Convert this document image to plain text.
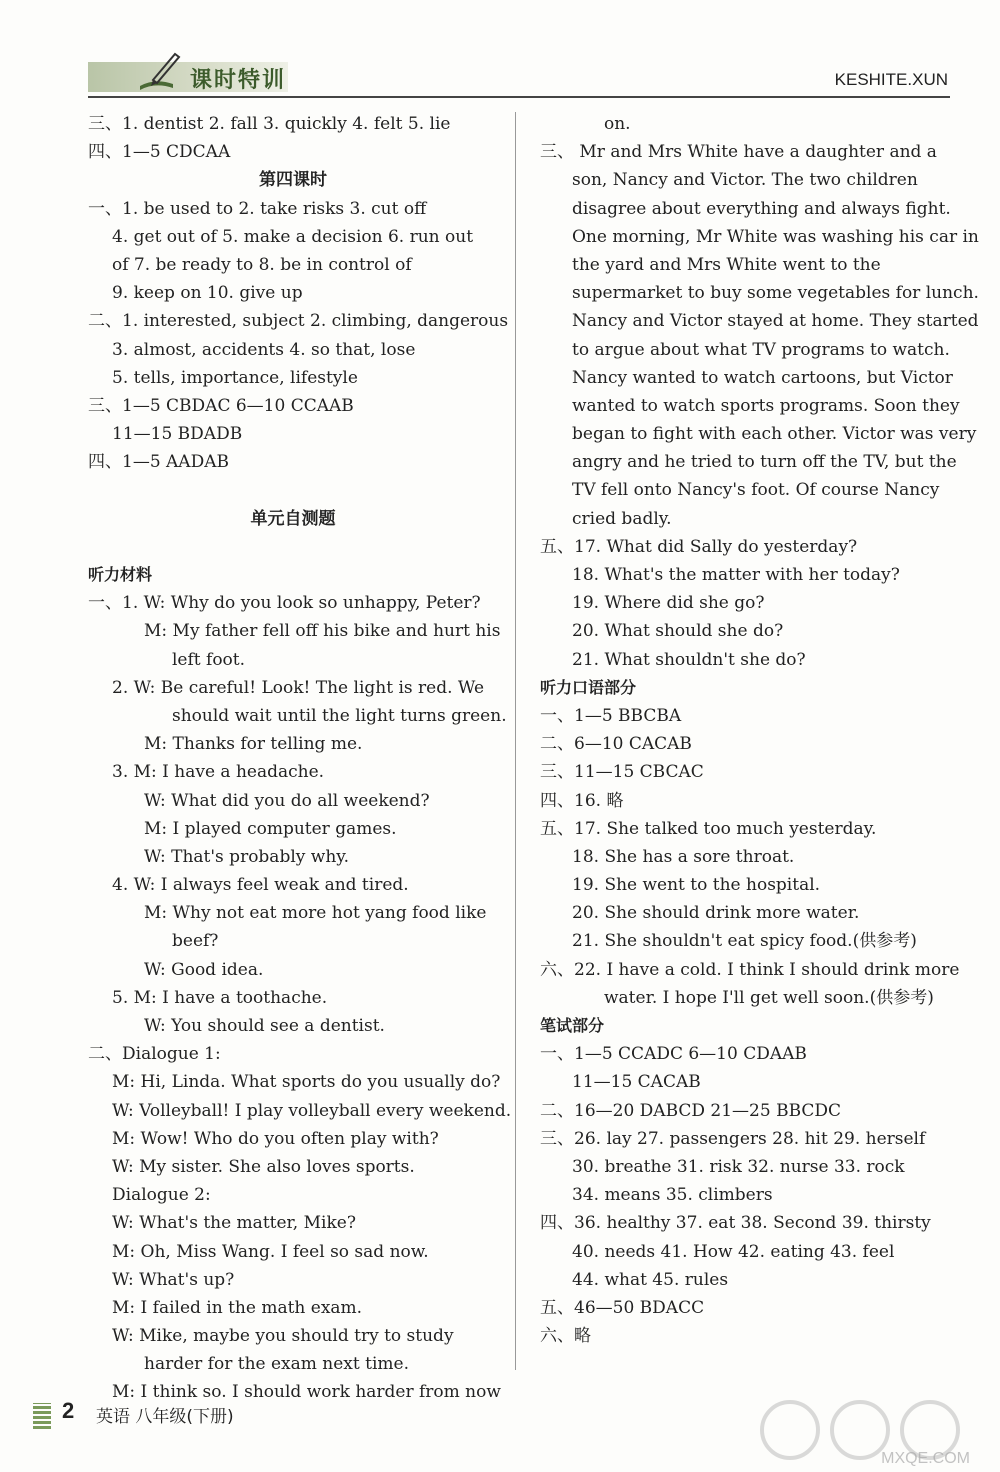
课时特训	KESHITE.XUN
三、1. dentist 2. fall 3. quickly 4. felt 5. lie
四、1—5 CDCAA
第四课时
一、1. be used to 2. take risks 3. cut off
4. get out of 5. make a decision 6. run out
of 7. be ready to 8. be in control of
9. keep on 10. give up
二、1. interested, subject 2. climbing, dangerous
3. almost, accidents 4. so that, lose
5. tells, importance, lifestyle
三、1—5 CBDAC 6—10 CCAAB
11—15 BDADB
四、1—5 AADAB
单元自测题
听力材料
一、1. W: Why do you look so unhappy, Peter?
M: My father fell off his bike and hurt his
left foot.
2. W: Be careful! Look! The light is red. We
should wait until the light turns green.
M: Thanks for telling me.
3. M: I have a headache.
W: What did you do all weekend?
M: I played computer games.
W: That's probably why.
4. W: I always feel weak and tired.
M: Why not eat more hot yang food like
beef?
W: Good idea.
5. M: I have a toothache.
W: You should see a dentist.
二、Dialogue 1:
M: Hi, Linda. What sports do you usually do?
W: Volleyball! I play volleyball every weekend.
M: Wow! Who do you often play with?
W: My sister. She also loves sports.
Dialogue 2:
W: What's the matter, Mike?
M: Oh, Miss Wang. I feel so sad now.
W: What's up?
M: I failed in the math exam.
W: Mike, maybe you should try to study
harder for the exam next time.
M: I think so. I should work harder from now
on.
三、 Mr and Mrs White have a daughter and a
son, Nancy and Victor. The two children
disagree about everything and always fight.
One morning, Mr White was washing his car in
the yard and Mrs White went to the
supermarket to buy some vegetables for lunch.
Nancy and Victor stayed at home. They started
to argue about what TV programs to watch.
Nancy wanted to watch cartoons, but Victor
wanted to watch sports programs. Soon they
began to fight with each other. Victor was very
angry and he tried to turn off the TV, but the
TV fell onto Nancy's foot. Of course Nancy
cried badly.
五、17. What did Sally do yesterday?
18. What's the matter with her today?
19. Where did she go?
20. What should she do?
21. What shouldn't she do?
听力口语部分
一、1—5 BBCBA
二、6—10 CACAB
三、11—15 CBCAC
四、16. 略
五、17. She talked too much yesterday.
18. She has a sore throat.
19. She went to the hospital.
20. She should drink more water.
21. She shouldn't eat spicy food.(供参考)
六、22. I have a cold. I think I should drink more
water. I hope I'll get well soon.(供参考)
笔试部分
一、1—5 CCADC 6—10 CDAAB
11—15 CACAB
二、16—20 DABCD 21—25 BBCDC
三、26. lay 27. passengers 28. hit 29. herself
30. breathe 31. risk 32. nurse 33. rock
34. means 35. climbers
四、36. healthy 37. eat 38. Second 39. thirsty
40. needs 41. How 42. eating 43. feel
44. what 45. rules
五、46—50 BDACC
六、略
2 英语 八年级(下册)
MXQE.COM
